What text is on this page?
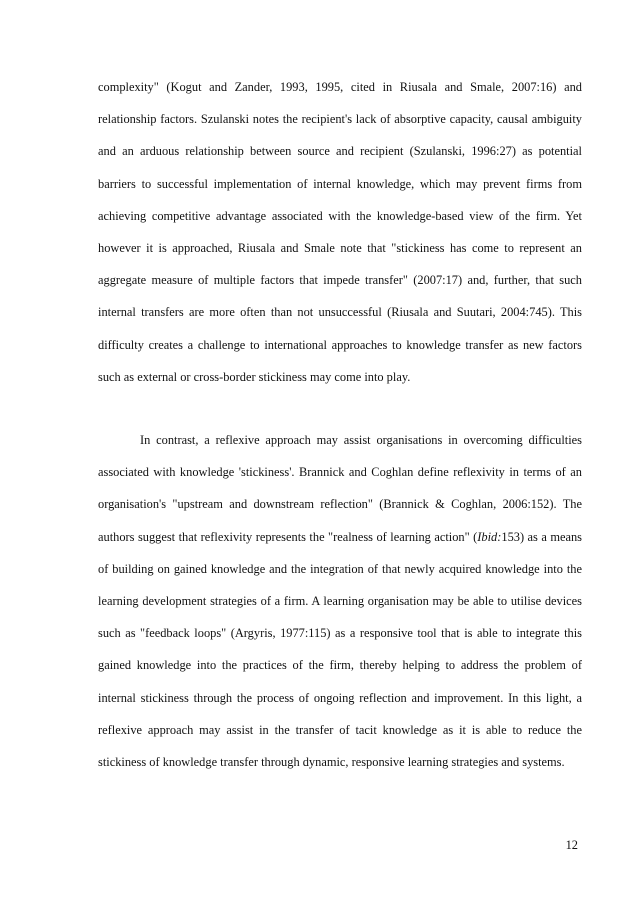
complexity" (Kogut and Zander, 1993, 1995, cited in Riusala and Smale, 2007:16) and relationship factors. Szulanski notes the recipient's lack of absorptive capacity, causal ambiguity and an arduous relationship between source and recipient (Szulanski, 1996:27) as potential barriers to successful implementation of internal knowledge, which may prevent firms from achieving competitive advantage associated with the knowledge-based view of the firm. Yet however it is approached, Riusala and Smale note that "stickiness has come to represent an aggregate measure of multiple factors that impede transfer" (2007:17) and, further, that such internal transfers are more often than not unsuccessful (Riusala and Suutari, 2004:745). This difficulty creates a challenge to international approaches to knowledge transfer as new factors such as external or cross-border stickiness may come into play.

In contrast, a reflexive approach may assist organisations in overcoming difficulties associated with knowledge 'stickiness'. Brannick and Coghlan define reflexivity in terms of an organisation's "upstream and downstream reflection" (Brannick & Coghlan, 2006:152). The authors suggest that reflexivity represents the "realness of learning action" (Ibid:153) as a means of building on gained knowledge and the integration of that newly acquired knowledge into the learning development strategies of a firm. A learning organisation may be able to utilise devices such as "feedback loops" (Argyris, 1977:115) as a responsive tool that is able to integrate this gained knowledge into the practices of the firm, thereby helping to address the problem of internal stickiness through the process of ongoing reflection and improvement. In this light, a reflexive approach may assist in the transfer of tacit knowledge as it is able to reduce the stickiness of knowledge transfer through dynamic, responsive learning strategies and systems.

12
